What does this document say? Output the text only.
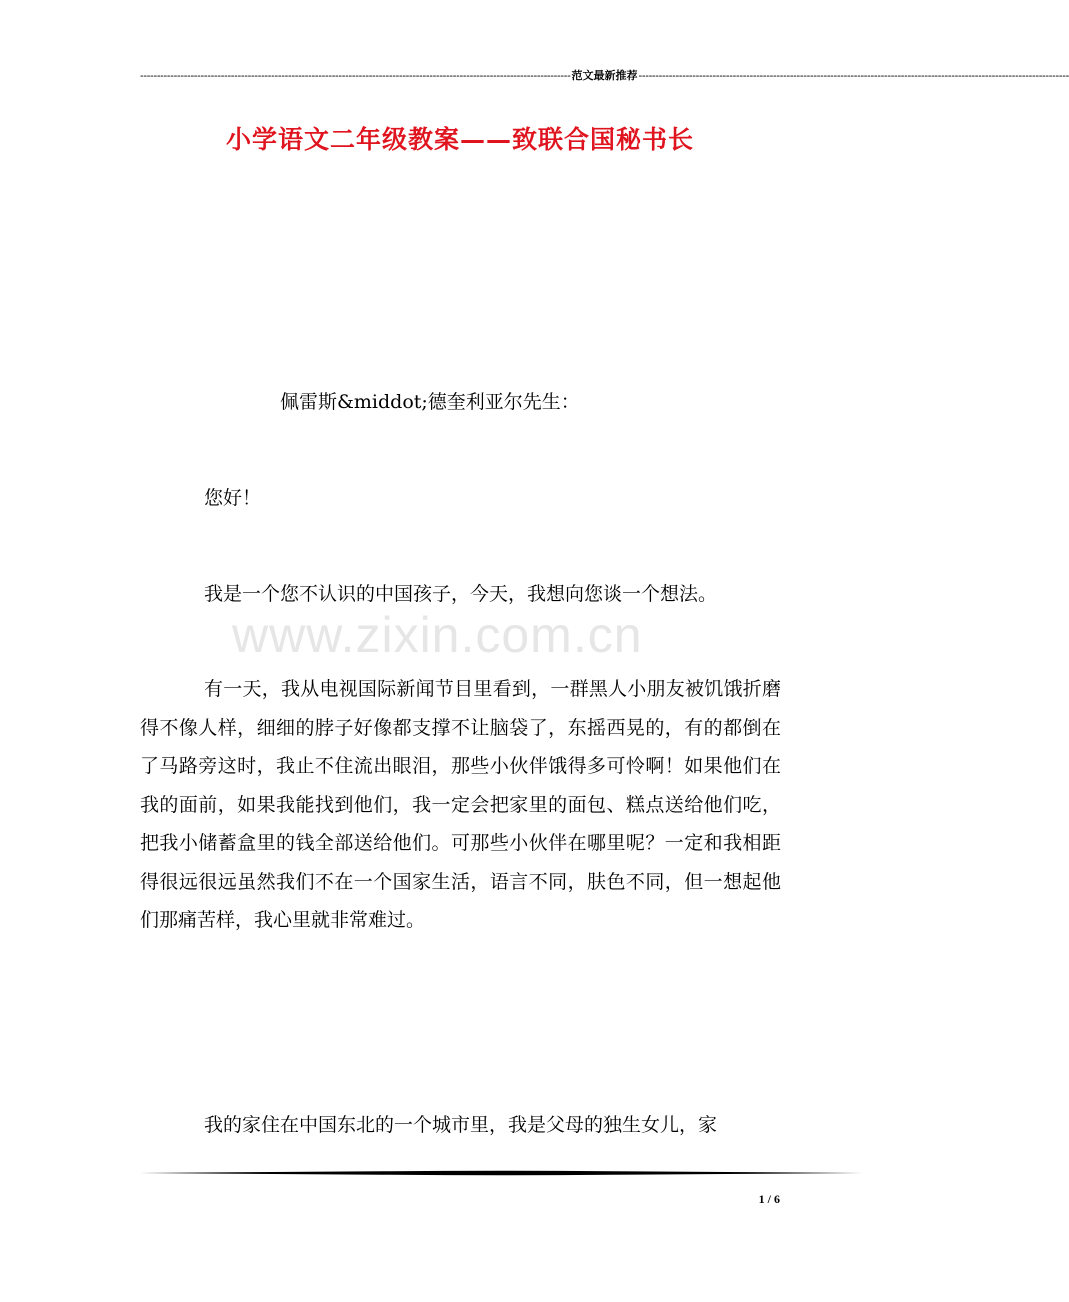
-------------------------------------------------------------------------------------------------------------------------------- 范文最新推荐 --------------------------------------------------------------------------------------------------------------------------------
小学语文二年级教案——致联合国秘书长
www.zixin.com.cn

佩雷斯&middot;德奎利亚尔先生：

您好！

我是一个您不认识的中国孩子，今天，我想向您谈一个想法。

有一天，我从电视国际新闻节目里看到，一群黑人小朋友被饥饿折磨得不像人样，细细的脖子好像都支撑不让脑袋了，东摇西晃的，有的都倒在了马路旁这时，我止不住流出眼泪，那些小伙伴饿得多可怜啊！如果他们在我的面前，如果我能找到他们，我一定会把家里的面包、糕点送给他们吃，把我小储蓄盒里的钱全部送给他们。可那些小伙伴在哪里呢？一定和我相距得很远很远虽然我们不在一个国家生活，语言不同，肤色不同，但一想起他们那痛苦样，我心里就非常难过。

我的家住在中国东北的一个城市里，我是父母的独生女儿，家

1 / 6
